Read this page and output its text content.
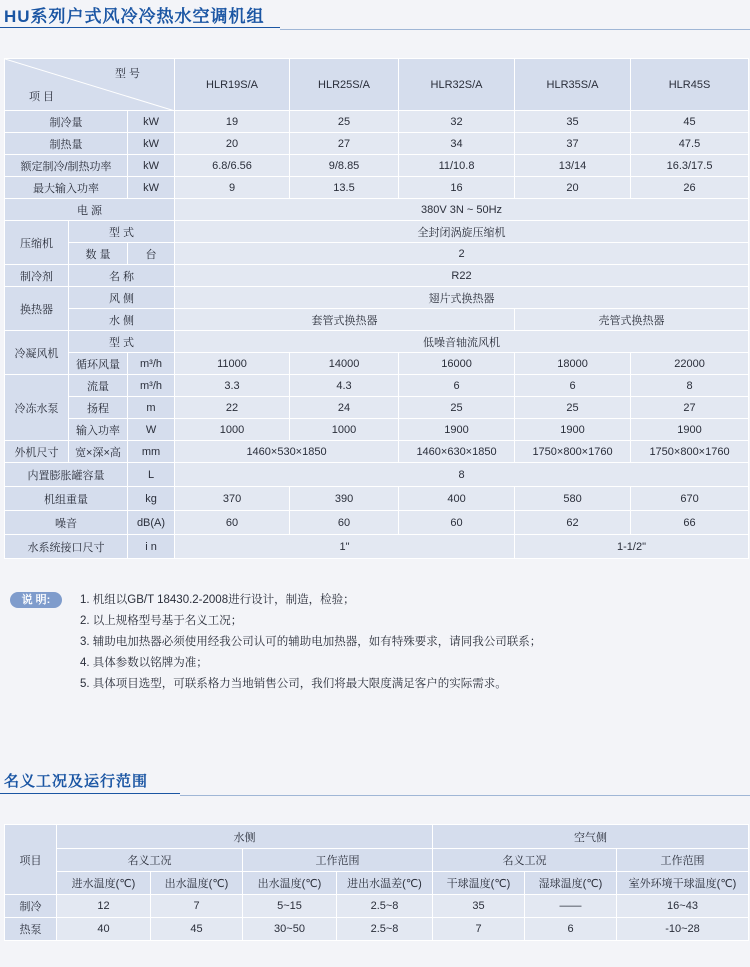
HU系列户式风冷冷热水空调机组
型 号
项 目			HLR19S/A	HLR25S/A	HLR32S/A	HLR35S/A	HLR45S
制冷量		kW	19	25	32	35	45
制热量		kW	20	27	34	37	47.5
额定制冷/制热功率		kW	6.8/6.56	9/8.85	11/10.8	13/14	16.3/17.5
最大输入功率		kW	9	13.5	16	20	26
电 源			380V 3N ~ 50Hz				
压缩机	型 式		全封闭涡旋压缩机				
	数 量	台	2				
制冷剂	名 称		R22				
换热器	风 侧		翅片式换热器				
	水 侧		套管式换热器			壳管式换热器	
冷凝风机	型 式		低噪音轴流风机				
	循环风量	m³/h	11000	14000	16000	18000	22000
冷冻水泵	流量	m³/h	3.3	4.3	6	6	8
	扬程	m	22	24	25	25	27
	输入功率	W	1000	1000	1900	1900	1900
外机尺寸	宽×深×高	mm	1460×530×1850		1460×630×1850	1750×800×1760	1750×800×1760
内置膨胀罐容量		L	8				
机组重量		kg	370	390	400	580	670
噪音		dB(A)	60	60	60	62	66
水系统接口尺寸		i n	1"			1-1/2"	
说 明:	1. 机组以GB/T 18430.2-2008进行设计，制造，检验；
2. 以上规格型号基于名义工况；
3. 辅助电加热器必须使用经我公司认可的辅助电加热器，如有特殊要求，请同我公司联系；
4. 具体参数以铭牌为准；
5. 具体项目选型，可联系格力当地销售公司，我们将最大限度满足客户的实际需求。
名义工况及运行范围
项目	水侧				空气侧		
	名义工况		工作范围		名义工况		工作范围
	进水温度(℃)	出水温度(℃)	出水温度(℃)	进出水温差(℃)	干球温度(℃)	湿球温度(℃)	室外环境干球温度(℃)
制冷	12	7	5~15	2.5~8	35	——	16~43
热泵	40	45	30~50	2.5~8	7	6	-10~28
